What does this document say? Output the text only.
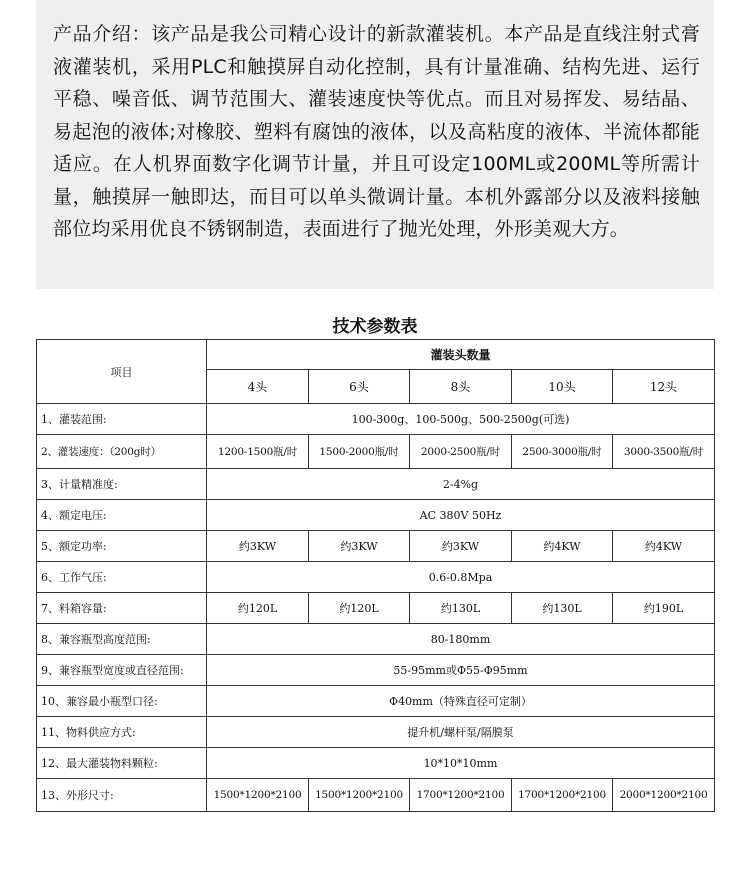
产品介绍：该产品是我公司精心设计的新款灌装机。本产品是直线注射式膏液灌装机，采用PLC和触摸屏自动化控制，具有计量准确、结构先进、运行平稳、噪音低、调节范围大、灌装速度快等优点。而且对易挥发、易结晶、易起泡的液体;对橡胶、塑料有腐蚀的液体，以及高粘度的液体、半流体都能适应。在人机界面数字化调节计量，并且可设定100ML或200ML等所需计量，触摸屏一触即达，而目可以单头微调计量。本机外露部分以及液料接触部位均采用优良不锈钢制造，表面进行了抛光处理，外形美观大方。

技术参数表
项目	灌装头数量				
	4头	6头	8头	10头	12头
1、灌装范围:	100-300g、100-500g、500-2500g(可选)				
2、灌装速度：（200g时）	1200-1500瓶/时	1500-2000瓶/时	2000-2500瓶/时	2500-3000瓶/时	3000-3500瓶/时
3、计量精准度:	2-4%g				
4、额定电压:	AC 380V 50Hz				
5、额定功率:	约3KW	约3KW	约3KW	约4KW	约4KW
6、工作气压:	0.6-0.8Mpa				
7、料箱容量:	约120L	约120L	约130L	约130L	约190L
8、兼容瓶型高度范围:	80-180mm				
9、兼容瓶型宽度或直径范围:	55-95mm或Φ55-Φ95mm				
10、兼容最小瓶型口径:	Φ40mm（特殊直径可定制）				
11、物料供应方式:	提升机/螺杆泵/隔膜泵				
12、最大灌装物料颗粒:	10*10*10mm				
13、外形尺寸:	1500*1200*2100	1500*1200*2100	1700*1200*2100	1700*1200*2100	2000*1200*2100
